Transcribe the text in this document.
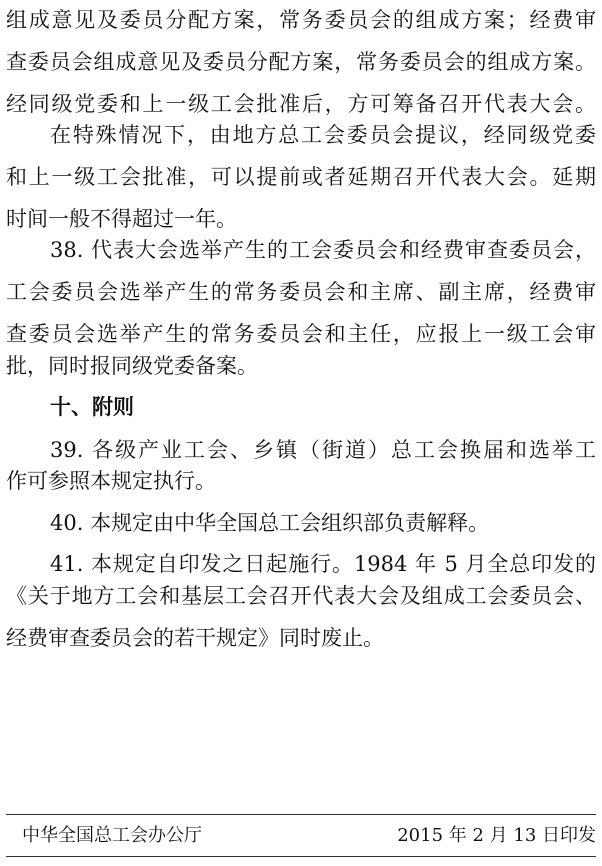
组成意见及委员分配方案，常务委员会的组成方案；经费审
查委员会组成意见及委员分配方案，常务委员会的组成方案。
经同级党委和上一级工会批准后，方可筹备召开代表大会。
在特殊情况下，由地方总工会委员会提议，经同级党委
和上一级工会批准，可以提前或者延期召开代表大会。延期
时间一般不得超过一年。
38. 代表大会选举产生的工会委员会和经费审查委员会，
工会委员会选举产生的常务委员会和主席、副主席，经费审
查委员会选举产生的常务委员会和主任，应报上一级工会审
批，同时报同级党委备案。
十、附则
39. 各级产业工会、乡镇（街道）总工会换届和选举工
作可参照本规定执行。
40. 本规定由中华全国总工会组织部负责解释。
41. 本规定自印发之日起施行。1984 年 5 月全总印发的
《关于地方工会和基层工会召开代表大会及组成工会委员会、
经费审查委员会的若干规定》同时废止。
中华全国总工会办公厅	2015 年 2 月 13 日印发
